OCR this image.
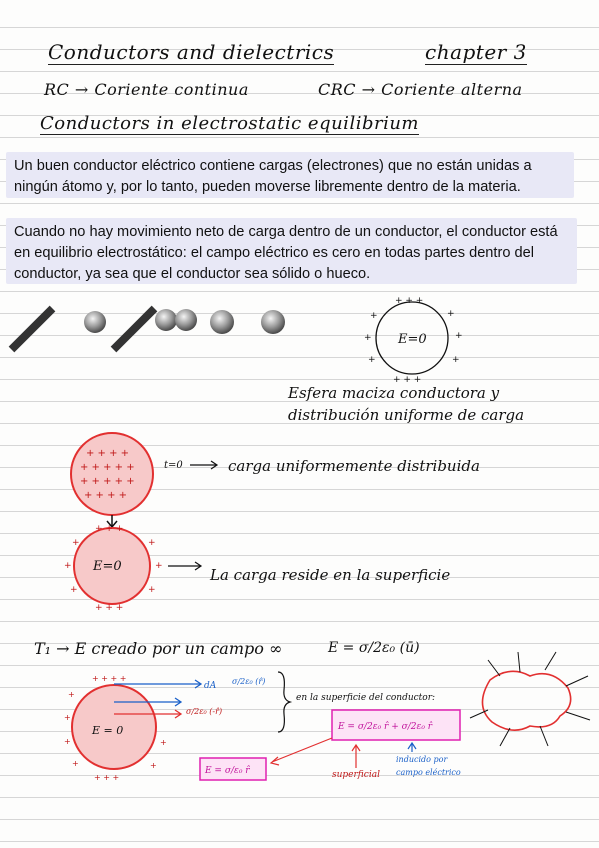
Conductors and dielectrics	chapter 3
RC → Coriente continua	CRC → Coriente alterna
Conductors in electrostatic equilibrium
Un buen conductor eléctrico contiene cargas (electrones) que no están unidas a ningún átomo y, por lo tanto, pueden moverse libremente dentro de la materia.
Cuando no hay movimiento neto de carga dentro de un conductor, el conductor está en equilibrio electrostático: el campo eléctrico es cero en todas partes dentro del conductor, ya sea que el conductor sea sólido o hueco.
+ + +
+	+
+	+
+	+
+ + +
E=0
Esfera maciza conductora y
distribución uniforme de carga
+ + + +
+ + + + +
+ + + + +
+ + + +
t=0	carga uniformemente distribuida
+ + +
+	+
+	+
+	+
+ + +
E=0	La carga reside en la superficie
T₁ → E creado por un campo ∞	E = σ/2ε₀ (ū)
+ + + +
+
+
+
+
+ + +
+
+
E = 0
dA σ/2ε₀ (r̂)
σ/2ε₀ (-r̂)
en la superficie del conductor:
E = σ/2ε₀ r̂ + σ/2ε₀ r̂
E = σ/ε₀ r̂	superficial
inducido por
campo eléctrico
